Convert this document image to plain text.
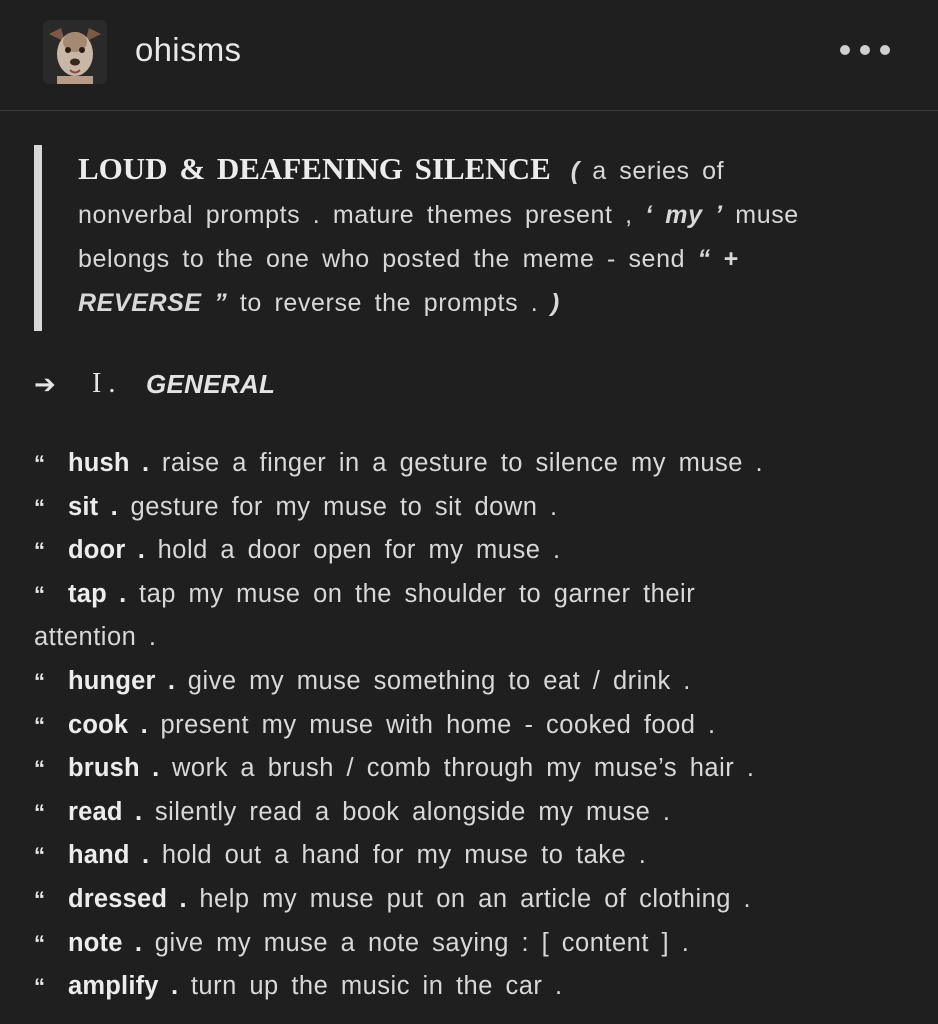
ohisms
LOUD & DEAFENING SILENCE ( a series of
nonverbal prompts . mature themes present , ‘ my ’ muse
belongs to the one who posted the meme - send “ +
REVERSE ” to reverse the prompts . )
➔	I .	GENERAL
“ hush . raise a finger in a gesture to silence my muse .
“ sit . gesture for my muse to sit down .
“ door . hold a door open for my muse .
“ tap . tap my muse on the shoulder to garner their
attention .
“ hunger . give my muse something to eat / drink .
“ cook . present my muse with home - cooked food .
“ brush . work a brush / comb through my muse’s hair .
“ read . silently read a book alongside my muse .
“ hand . hold out a hand for my muse to take .
“ dressed . help my muse put on an article of clothing .
“ note . give my muse a note saying : [ content ] .
“ amplify . turn up the music in the car .
